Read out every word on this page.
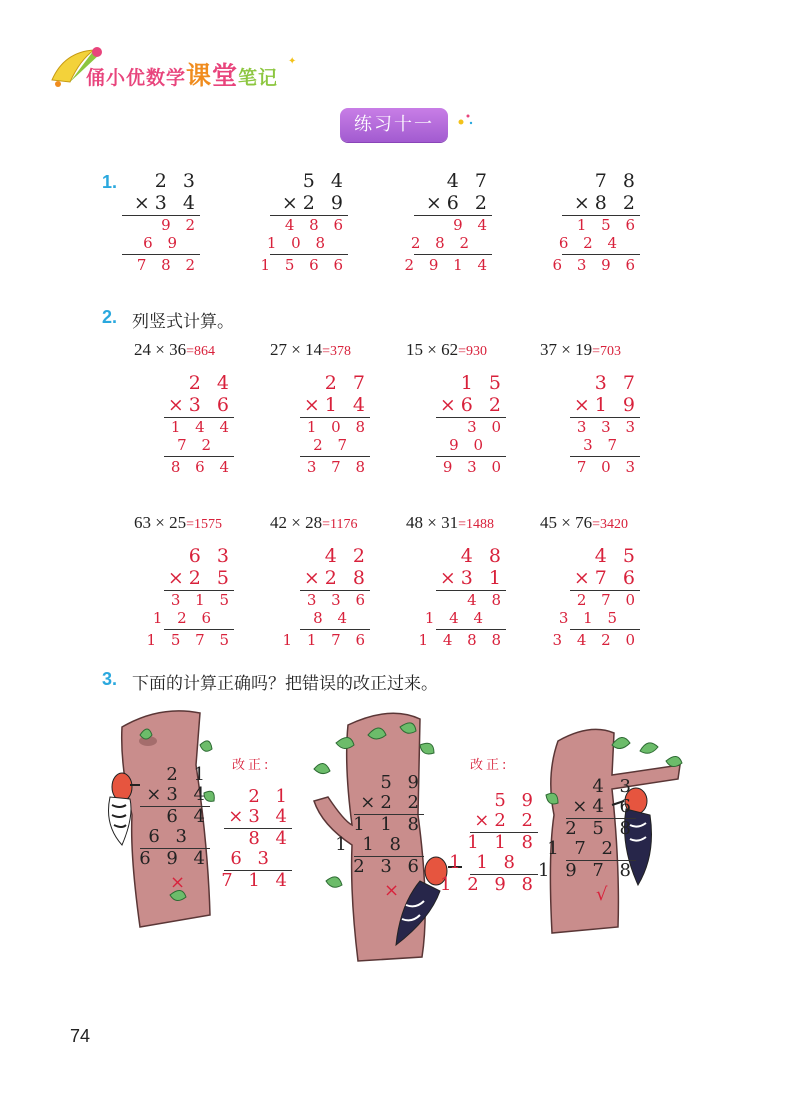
✦
俑小优数学课堂笔记
练习十一
1. 2 3
×3 4
9 2
6 9
7 8 2
5 4
×2 9
4 8 6
1 0 8
1 5 6 6
4 7
×6 2
9 4
2 8 2
2 9 1 4
7 8
×8 2
1 5 6
6 2 4
6 3 9 6
2. 列竖式计算。
24 × 36=864
2 4
×3 6
1 4 4
7 2
8 6 4
27 × 14=378
2 7
×1 4
1 0 8
2 7
3 7 8
15 × 62=930
1 5
×6 2
3 0
9 0
9 3 0
37 × 19=703
3 7
×1 9
3 3 3
3 7
7 0 3
63 × 25=1575
6 3
×2 5
3 1 5
1 2 6
1 5 7 5
42 × 28=1176
4 2
×2 8
3 3 6
8 4
1 1 7 6
48 × 31=1488
4 8
×3 1
4 8
1 4 4
1 4 8 8
45 × 76=3420
4 5
×7 6
2 7 0
3 1 5
3 4 2 0
3. 下面的计算正确吗？把错误的改正过来。
改正:	改正:
2 1
×3 4
6 4
6 3
6 9 4
×
5 9
×2 2
1 1 8
1 1 8
2 3 6
×
4 3
×4 6
2 5 8
1 7 2
1 9 7 8
√
2 1
×3 4
8 4
6 3
7 1 4
5 9
×2 2
1 1 8
1 1 8
1 2 9 8
74
